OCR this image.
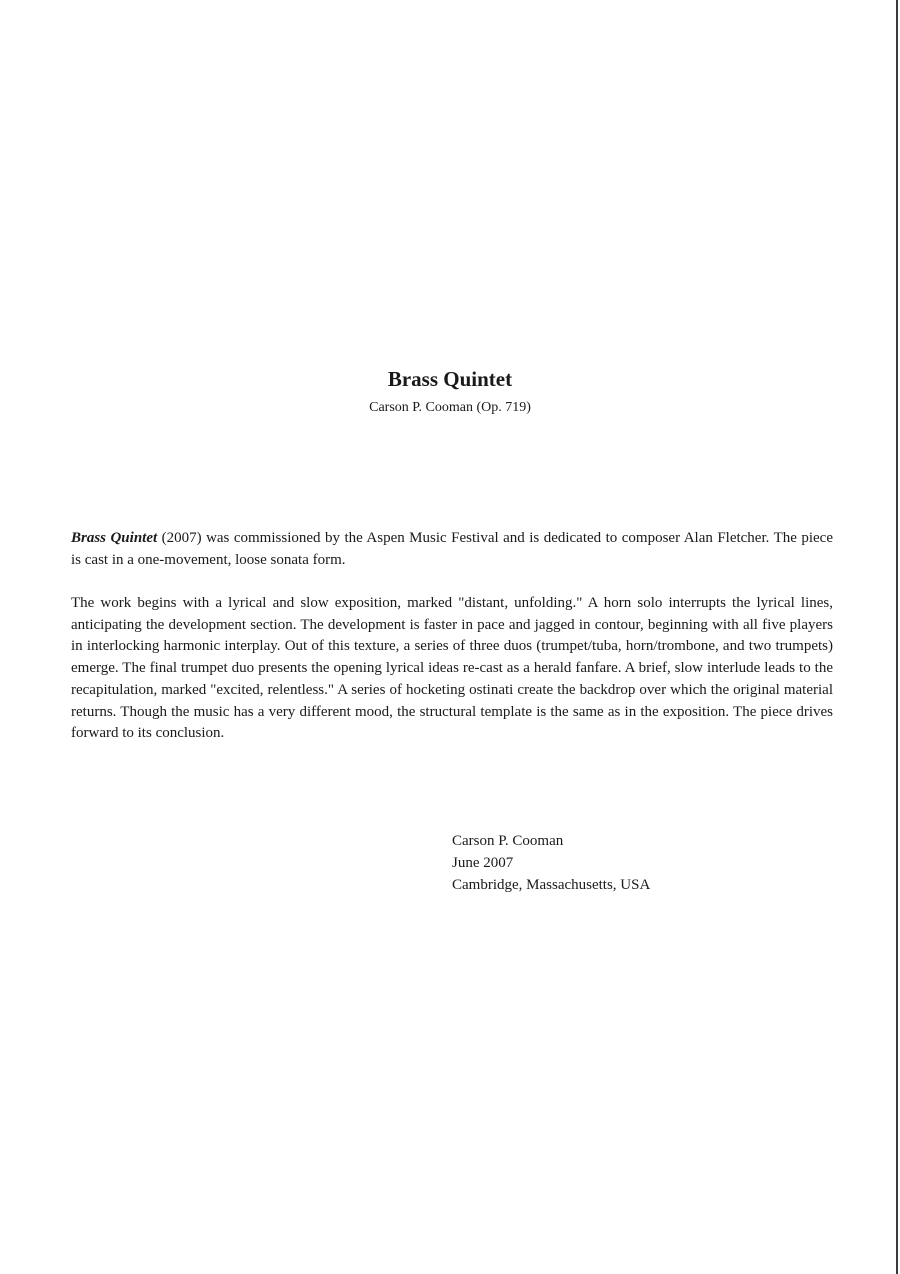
Brass Quintet
Carson P. Cooman (Op. 719)

Brass Quintet (2007) was commissioned by the Aspen Music Festival and is dedicated to composer Alan Fletcher. The piece is cast in a one-movement, loose sonata form.

The work begins with a lyrical and slow exposition, marked "distant, unfolding." A horn solo interrupts the lyrical lines, anticipating the development section. The development is faster in pace and jagged in contour, beginning with all five players in interlocking harmonic interplay. Out of this texture, a series of three duos (trumpet/tuba, horn/trombone, and two trumpets) emerge. The final trumpet duo presents the opening lyrical ideas re-cast as a herald fanfare. A brief, slow interlude leads to the recapitulation, marked "excited, relentless." A series of hocketing ostinati create the backdrop over which the original material returns. Though the music has a very different mood, the structural template is the same as in the exposition. The piece drives forward to its conclusion.

Carson P. Cooman
June 2007
Cambridge, Massachusetts, USA
